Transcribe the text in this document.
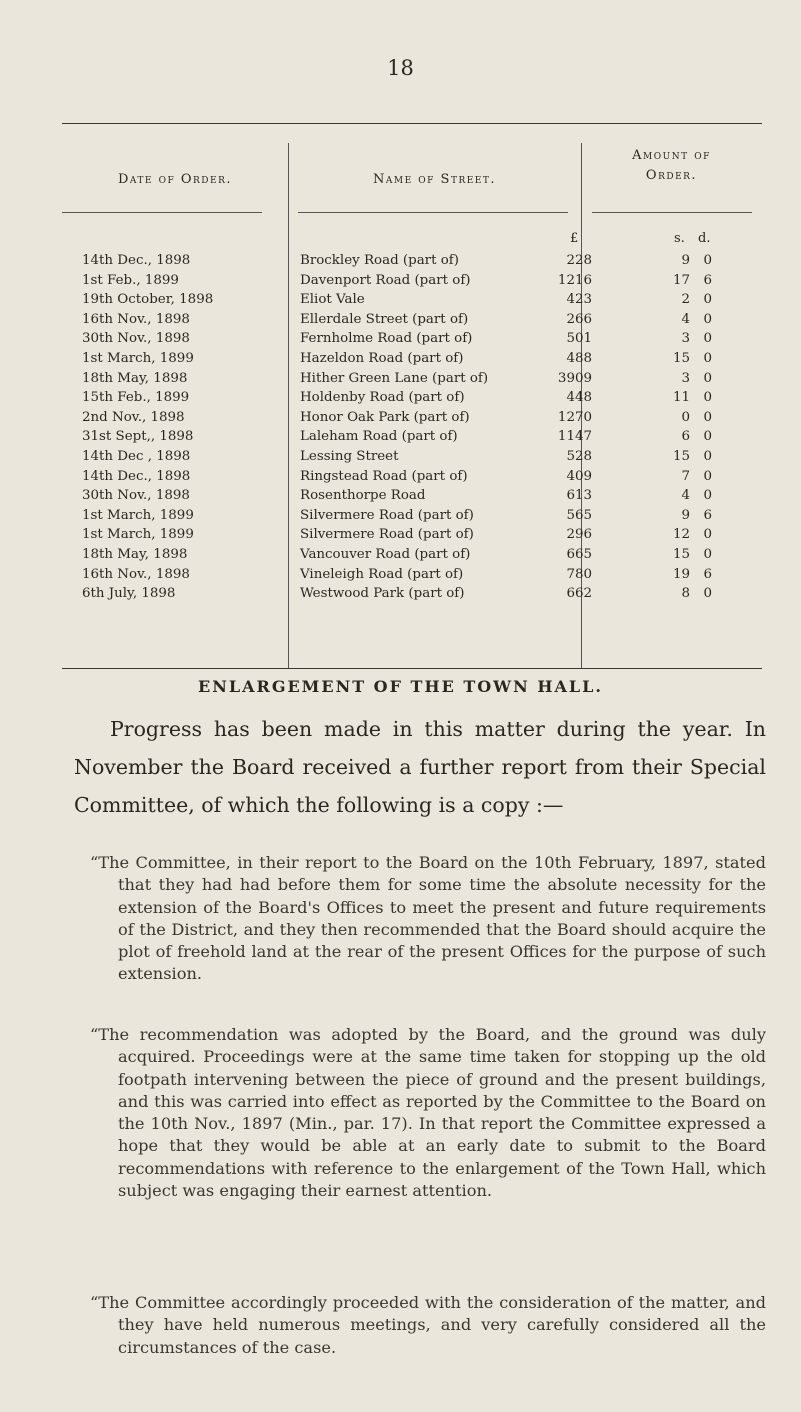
18
Date of Order.	Name of Street.
Amount of
Order.
£	s. d.
14th Dec., 1898	Brockley Road (part of)	228	9	0
1st Feb., 1899	Davenport Road (part of)	1216	17	6
19th October, 1898	Eliot Vale	423	2	0
16th Nov., 1898	Ellerdale Street (part of)	266	4	0
30th Nov., 1898	Fernholme Road (part of)	501	3	0
1st March, 1899	Hazeldon Road (part of)	488	15	0
18th May, 1898	Hither Green Lane (part of)	3909	3	0
15th Feb., 1899	Holdenby Road (part of)	448	11	0
2nd Nov., 1898	Honor Oak Park (part of)	1270	0	0
31st Sept,, 1898	Laleham Road (part of)	1147	6	0
14th Dec , 1898	Lessing Street	528	15	0
14th Dec., 1898	Ringstead Road (part of)	409	7	0
30th Nov., 1898	Rosenthorpe Road	613	4	0
1st March, 1899	Silvermere Road (part of)	565	9	6
1st March, 1899	Silvermere Road (part of)	296	12	0
18th May, 1898	Vancouver Road (part of)	665	15	0
16th Nov., 1898	Vineleigh Road (part of)	780	19	6
6th July, 1898	Westwood Park (part of)	662	8	0
ENLARGEMENT OF THE TOWN HALL.

Progress has been made in this matter during the year. In November the Board received a further report from their Special Committee, of which the following is a copy :—

“The Committee, in their report to the Board on the 10th February, 1897, stated that they had had before them for some time the absolute necessity for the extension of the Board's Offices to meet the present and future requirements of the District, and they then recommended that the Board should acquire the plot of freehold land at the rear of the present Offices for the purpose of such extension.

“The recommendation was adopted by the Board, and the ground was duly acquired. Proceedings were at the same time taken for stopping up the old footpath intervening between the piece of ground and the present buildings, and this was carried into effect as reported by the Committee to the Board on the 10th Nov., 1897 (Min., par. 17). In that report the Committee expressed a hope that they would be able at an early date to submit to the Board recommendations with reference to the enlargement of the Town Hall, which subject was engaging their earnest attention.

“The Committee accordingly proceeded with the consideration of the matter, and they have held numerous meetings, and very carefully considered all the circumstances of the case.
